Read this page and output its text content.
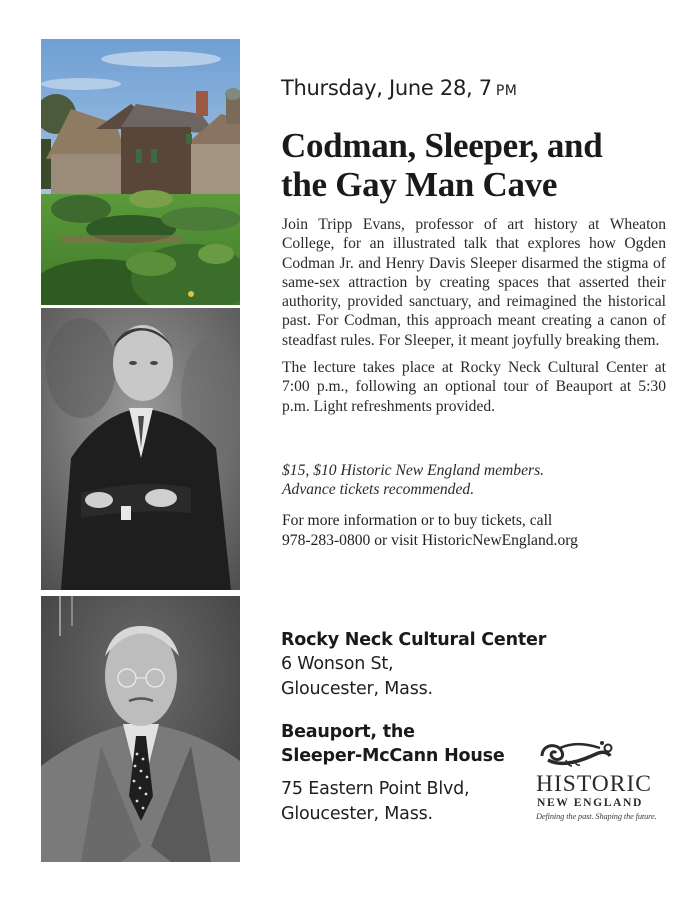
Thursday, June 28, 7 PM
Codman, Sleeper, and
the Gay Man Cave
Join Tripp Evans, professor of art history at Wheaton College, for an illustrated talk that explores how Ogden Codman Jr. and Henry Davis Sleeper disarmed the stigma of same-sex attraction by creating spaces that asserted their authority, provided sanctuary, and reimagined the historical past. For Codman, this approach meant creating a canon of steadfast rules. For Sleeper, it meant joyfully breaking them.
The lecture takes place at Rocky Neck Cultural Center at 7:00 p.m., following an optional tour of Beauport at 5:30 p.m. Light refreshments provided.
$15, $10 Historic New England members.
Advance tickets recommended.
For more information or to buy tickets, call
978-283-0800 or visit HistoricNewEngland.org
Rocky Neck Cultural Center
6 Wonson St,
Gloucester, Mass.
Beauport, the
Sleeper-McCann House
75 Eastern Point Blvd,
Gloucester, Mass.
HISTORIC
NEW ENGLAND
Defining the past. Shaping the future.
